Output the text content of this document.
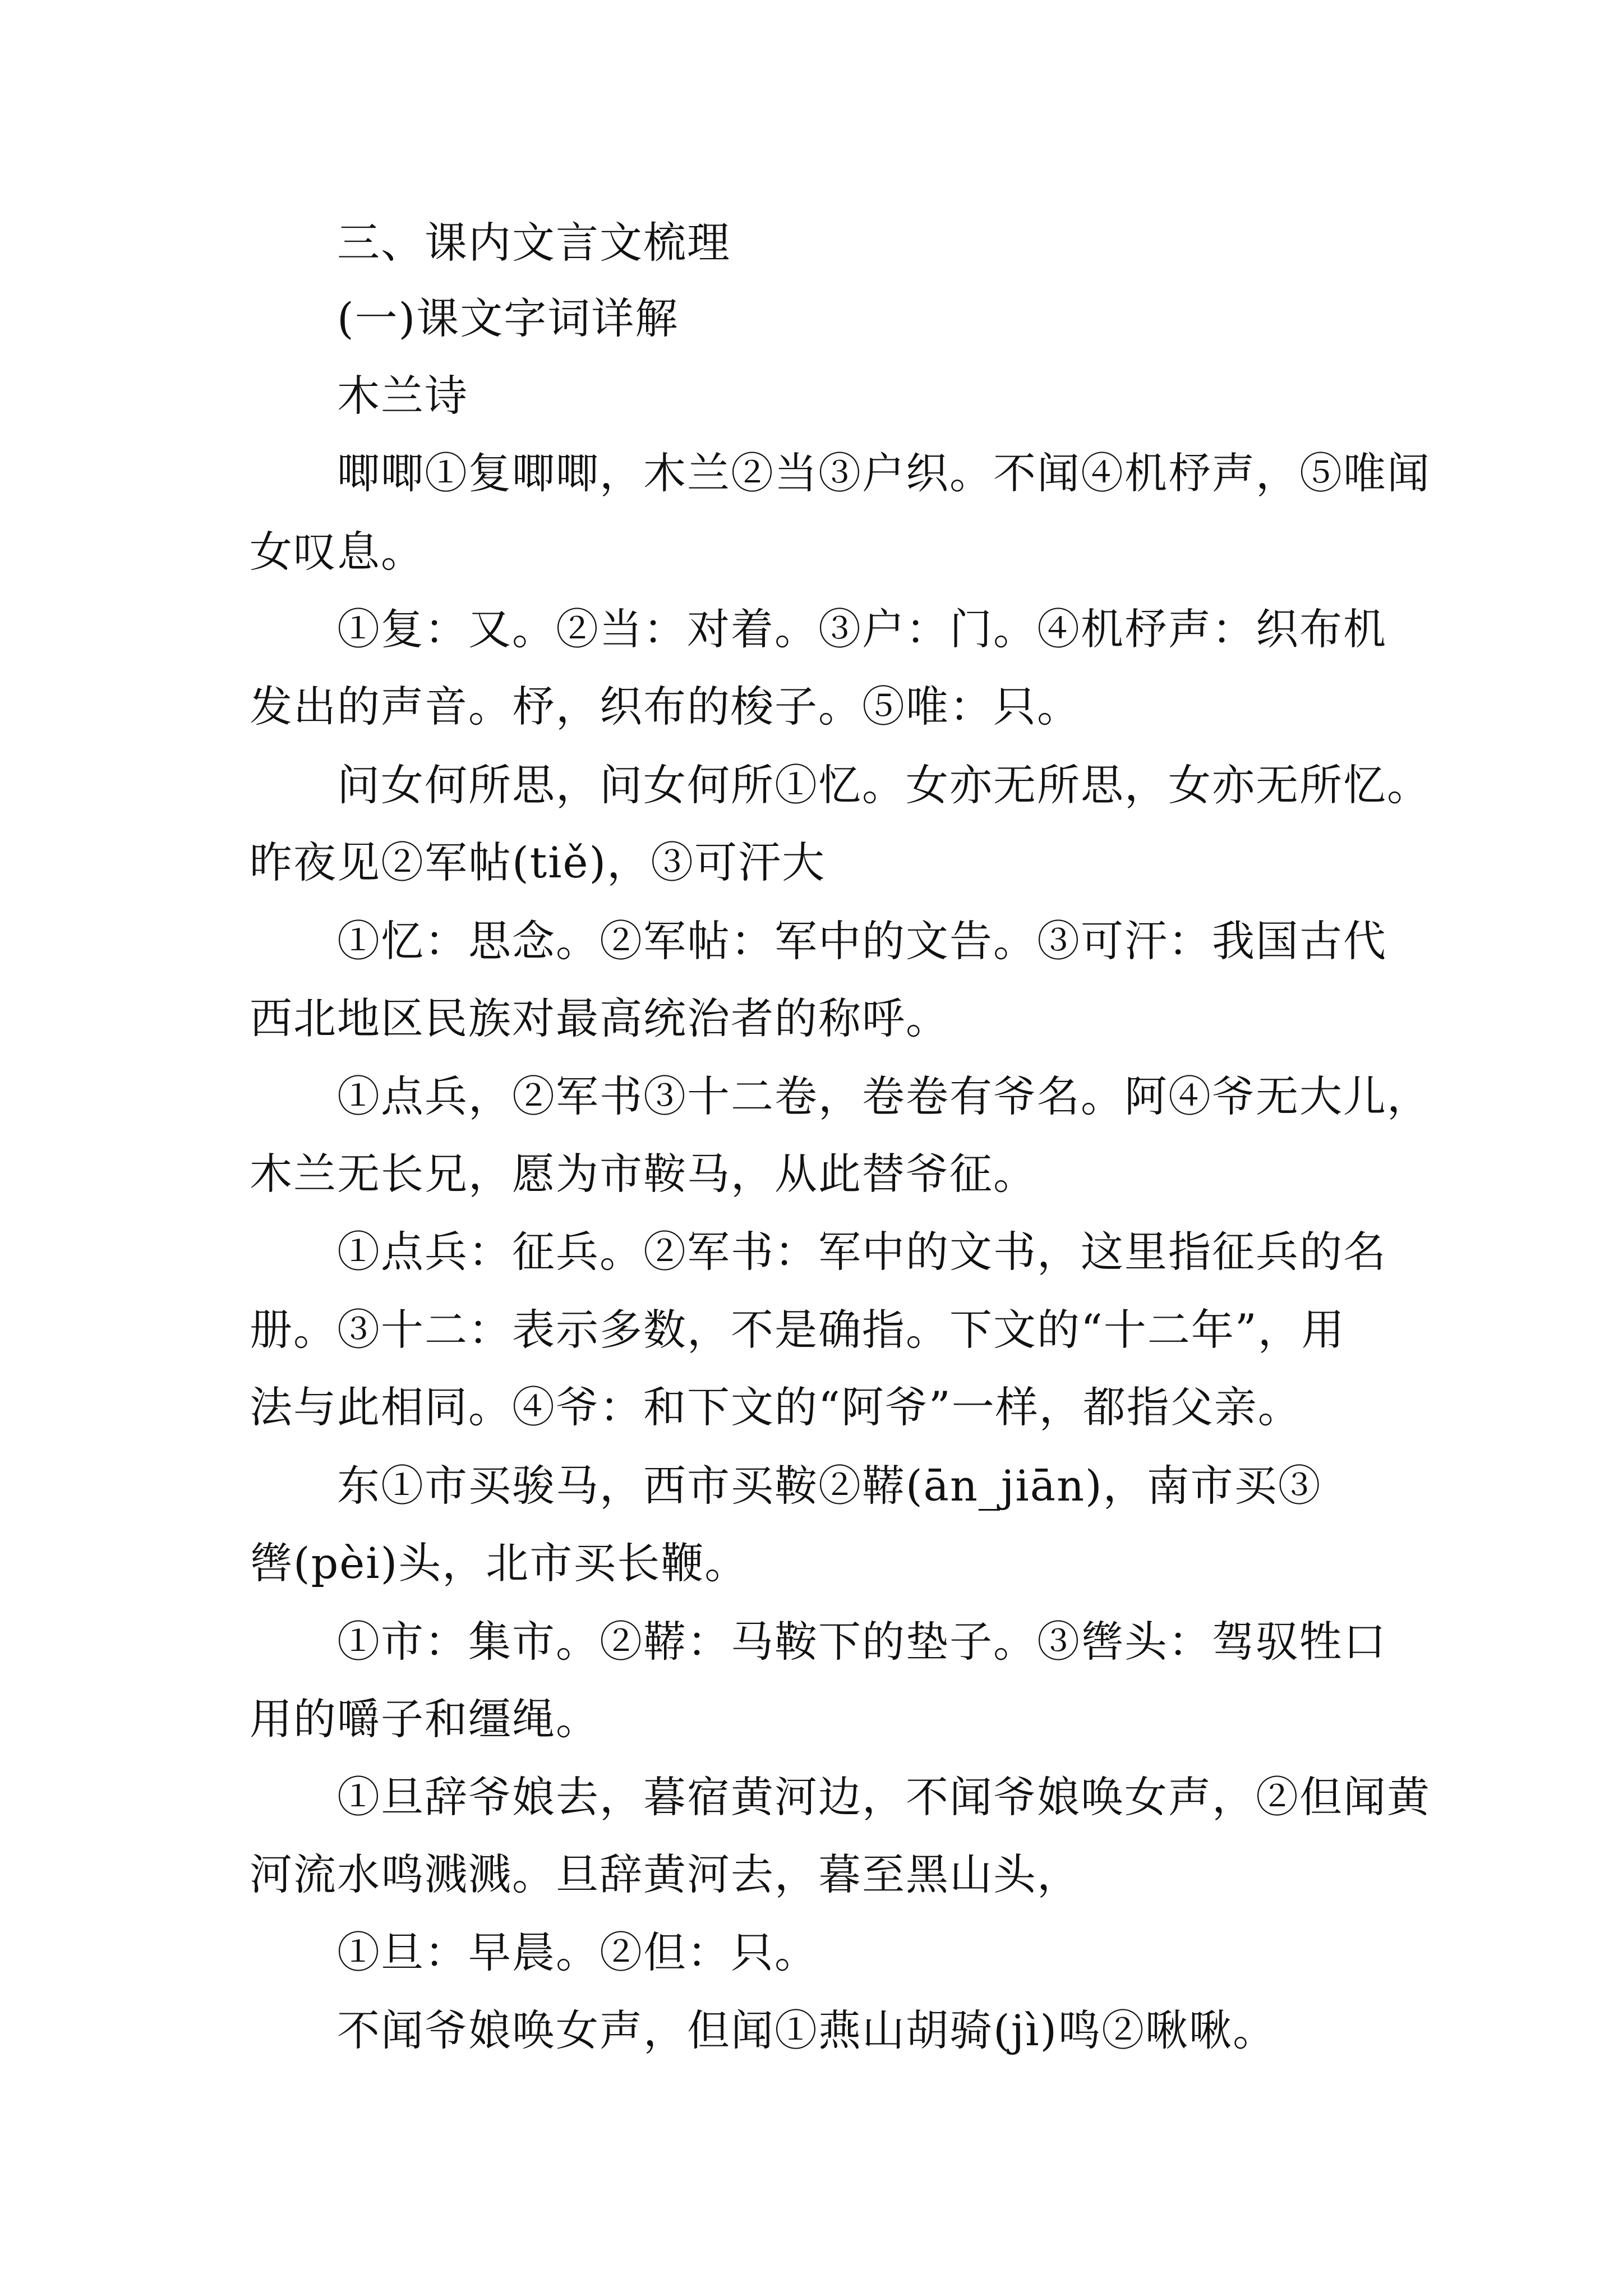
三、课内文言文梳理

(一)课文字词详解

木兰诗

唧唧①复唧唧，木兰②当③户织。不闻④机杼声，⑤唯闻

女叹息。

①复：又。②当：对着。③户：门。④机杼声：织布机

发出的声音。杼，织布的梭子。⑤唯：只。

问女何所思，问女何所①忆。女亦无所思，女亦无所忆。

昨夜见②军帖(tiě)，③可汗大

①忆：思念。②军帖：军中的文告。③可汗：我国古代

西北地区民族对最高统治者的称呼。

①点兵，②军书③十二卷，卷卷有爷名。阿④爷无大儿，

木兰无长兄，愿为市鞍马，从此替爷征。

①点兵：征兵。②军书：军中的文书，这里指征兵的名

册。③十二：表示多数，不是确指。下文的“十二年”，用

法与此相同。④爷：和下文的“阿爷”一样，都指父亲。

东①市买骏马，西市买鞍②鞯(ān_jiān)，南市买③

辔(pèi)头，北市买长鞭。

①市：集市。②鞯：马鞍下的垫子。③辔头：驾驭牲口

用的嚼子和缰绳。

①旦辞爷娘去，暮宿黄河边，不闻爷娘唤女声，②但闻黄

河流水鸣溅溅。旦辞黄河去，暮至黑山头，

①旦：早晨。②但：只。

不闻爷娘唤女声，但闻①燕山胡骑(jì)鸣②啾啾。
